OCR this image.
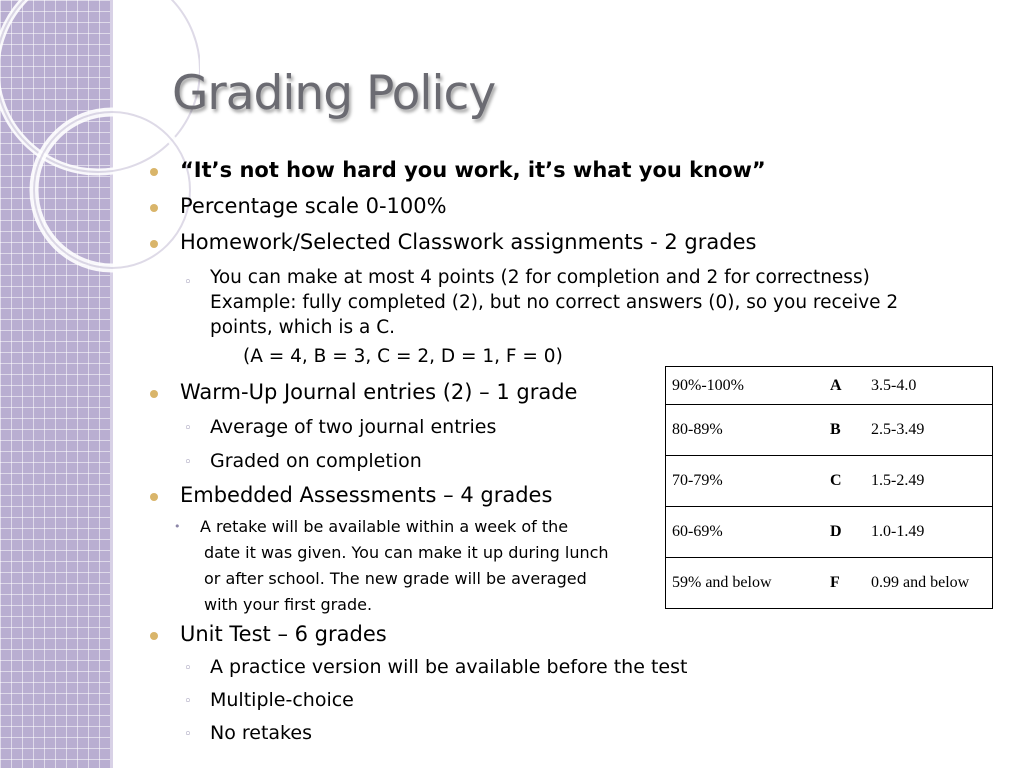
Grading Policy
“It’s not how hard you work, it’s what you know”
Percentage scale 0-100%
Homework/Selected Classwork assignments - 2 grades
◦ You can make at most 4 points (2 for completion and 2 for correctness)

Example: fully completed (2), but no correct answers (0), so you receive 2

points, which is a C.

(A = 4, B = 3, C = 2, D = 1, F = 0)
Warm-Up Journal entries (2) – 1 grade
◦ Average of two journal entries
◦ Graded on completion
Embedded Assessments – 4 grades
•	A retake will be available within a week of the

date it was given. You can make it up during lunch

or after school. The new grade will be averaged

with your first grade.

Unit Test – 6 grades
◦ A practice version will be available before the test
◦ Multiple-choice
◦ No retakes
90%-100%	A	3.5-4.0
80-89%	B	2.5-3.49
70-79%	C	1.5-2.49
60-69%	D	1.0-1.49
59% and below	F	0.99 and below
